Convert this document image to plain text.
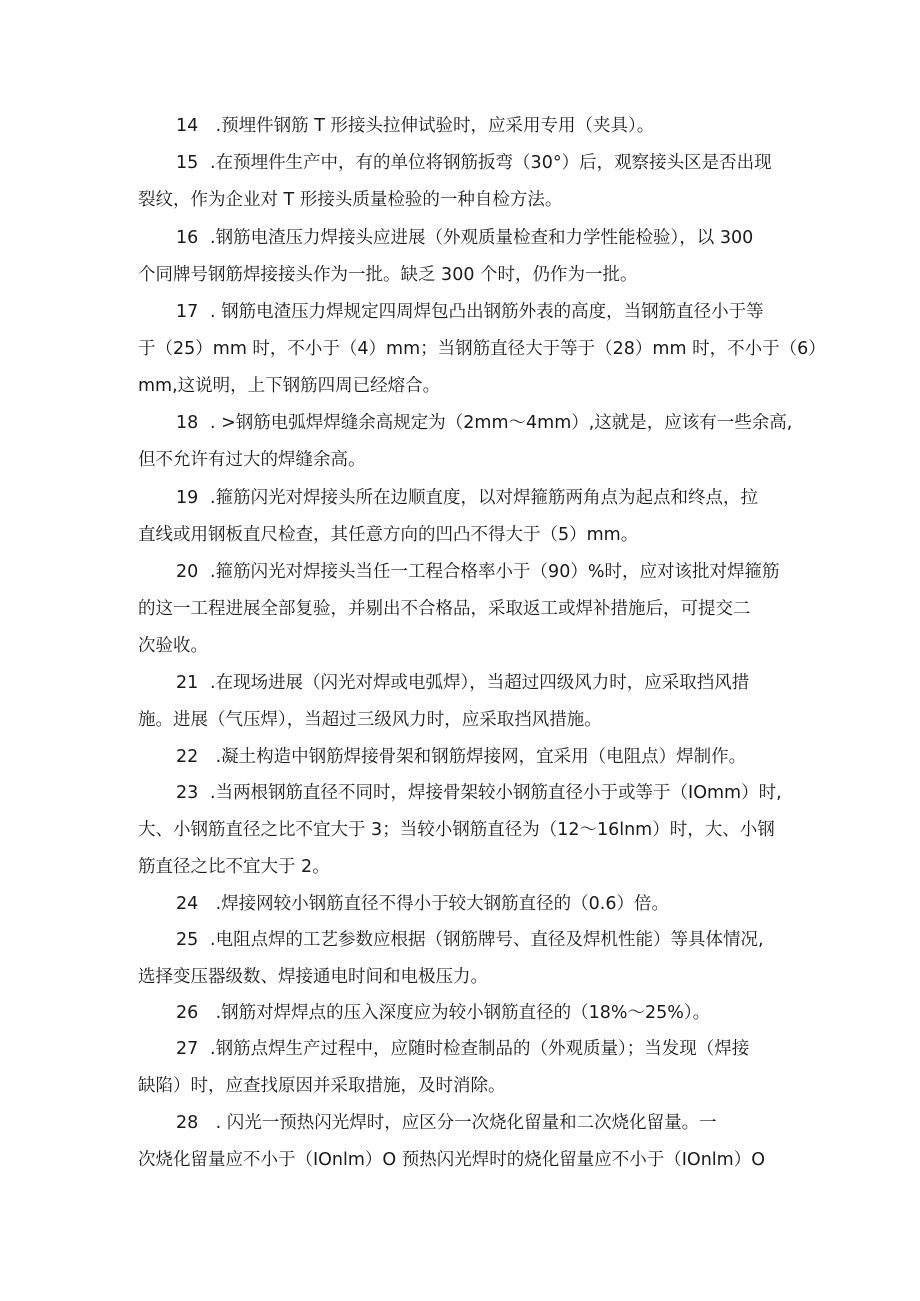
14 .预埋件钢筋 T 形接头拉伸试验时，应采用专用（夹具）。
15 .在预埋件生产中，有的单位将钢筋扳弯（30°）后，观察接头区是否出现
裂纹，作为企业对 T 形接头质量检验的一种自检方法。
16 .钢筋电渣压力焊接头应进展（外观质量检查和力学性能检验），以 300
个同牌号钢筋焊接接头作为一批。缺乏 300 个时，仍作为一批。
17 . 钢筋电渣压力焊规定四周焊包凸出钢筋外表的高度，当钢筋直径小于等
于（25）mm 时，不小于（4）mm；当钢筋直径大于等于（28）mm 时，不小于（6）
mm,这说明，上下钢筋四周已经熔合。
18 . >钢筋电弧焊焊缝余高规定为（2mm～4mm）,这就是，应该有一些余高,
但不允许有过大的焊缝余高。
19 .箍筋闪光对焊接头所在边顺直度，以对焊箍筋两角点为起点和终点，拉
直线或用钢板直尺检查，其任意方向的凹凸不得大于（5）mm。
20 .箍筋闪光对焊接头当任一工程合格率小于（90）%时，应对该批对焊箍筋
的这一工程进展全部复验，并剔出不合格品，采取返工或焊补措施后，可提交二
次验收。
21 .在现场进展（闪光对焊或电弧焊），当超过四级风力时，应采取挡风措
施。进展（气压焊），当超过三级风力时，应采取挡风措施。
22 .凝土构造中钢筋焊接骨架和钢筋焊接网，宜采用（电阻点）焊制作。
23 .当两根钢筋直径不同时，焊接骨架较小钢筋直径小于或等于（IOmm）时,
大、小钢筋直径之比不宜大于 3；当较小钢筋直径为（12～16lnm）时，大、小钢
筋直径之比不宜大于 2。
24 .焊接网较小钢筋直径不得小于较大钢筋直径的（0.6）倍。
25 .电阻点焊的工艺参数应根据（钢筋牌号、直径及焊机性能）等具体情况,
选择变压器级数、焊接通电时间和电极压力。
26 .钢筋对焊焊点的压入深度应为较小钢筋直径的（18%～25%）。
27 .钢筋点焊生产过程中，应随时检查制品的（外观质量）；当发现（焊接
缺陷）时，应查找原因并采取措施，及时消除。
28 . 闪光一预热闪光焊时，应区分一次烧化留量和二次烧化留量。一
次烧化留量应不小于（IOnlm）O 预热闪光焊时的烧化留量应不小于（IOnlm）O
